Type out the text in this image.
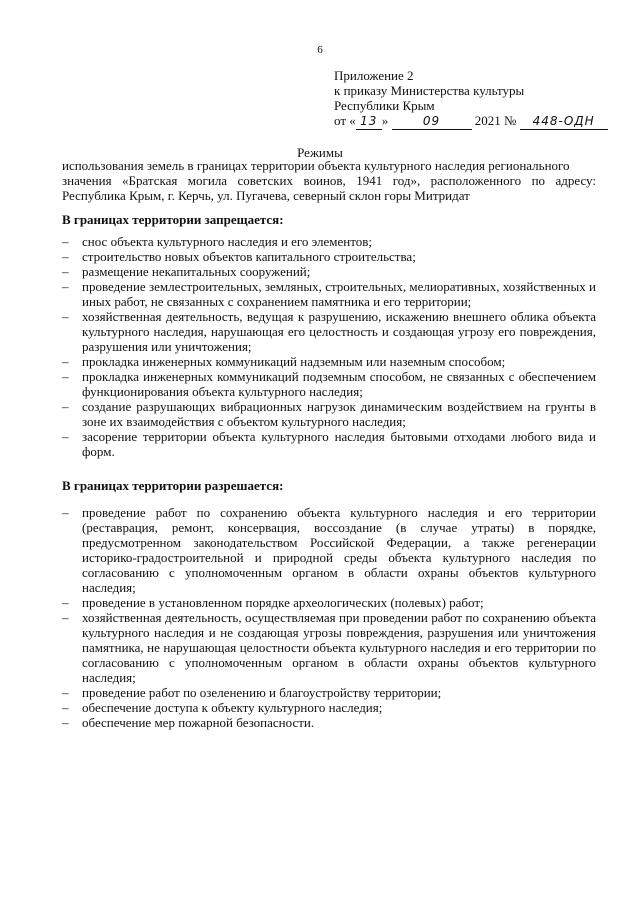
6
Приложение 2
к приказу Министерства культуры
Республики Крым
от « 13 »	09	2021 № 448-ОДН
Режимы
использования земель в границах территории объекта культурного наследия регионального
значения «Братская могила советских воинов, 1941 год», расположенного по адресу:
Республика Крым, г. Керчь, ул. Пугачева, северный склон горы Митридат
В границах территории запрещается:
– снос объекта культурного наследия и его элементов;
– строительство новых объектов капитального строительства;
– размещение некапитальных сооружений;
– проведение землестроительных, земляных, строительных, мелиоративных, хозяйственных и иных работ, не связанных с сохранением памятника и его территории;
– хозяйственная деятельность, ведущая к разрушению, искажению внешнего облика объекта культурного наследия, нарушающая его целостность и создающая угрозу его повреждения, разрушения или уничтожения;
– прокладка инженерных коммуникаций надземным или наземным способом;
– прокладка инженерных коммуникаций подземным способом, не связанных с обеспечением функционирования объекта культурного наследия;
– создание разрушающих вибрационных нагрузок динамическим воздействием на грунты в зоне их взаимодействия с объектом культурного наследия;
– засорение территории объекта культурного наследия бытовыми отходами любого вида и форм.
В границах территории разрешается:
– проведение работ по сохранению объекта культурного наследия и его территории (реставрация, ремонт, консервация, воссоздание (в случае утраты) в порядке, предусмотренном законодательством Российской Федерации, а также регенерации историко-градостроительной и природной среды объекта культурного наследия по согласованию с уполномоченным органом в области охраны объектов культурного наследия;
– проведение в установленном порядке археологических (полевых) работ;
– хозяйственная деятельность, осуществляемая при проведении работ по сохранению объекта культурного наследия и не создающая угрозы повреждения, разрушения или уничтожения памятника, не нарушающая целостности объекта культурного наследия и его территории по согласованию с уполномоченным органом в области охраны объектов культурного наследия;
– проведение работ по озеленению и благоустройству территории;
– обеспечение доступа к объекту культурного наследия;
– обеспечение мер пожарной безопасности.
